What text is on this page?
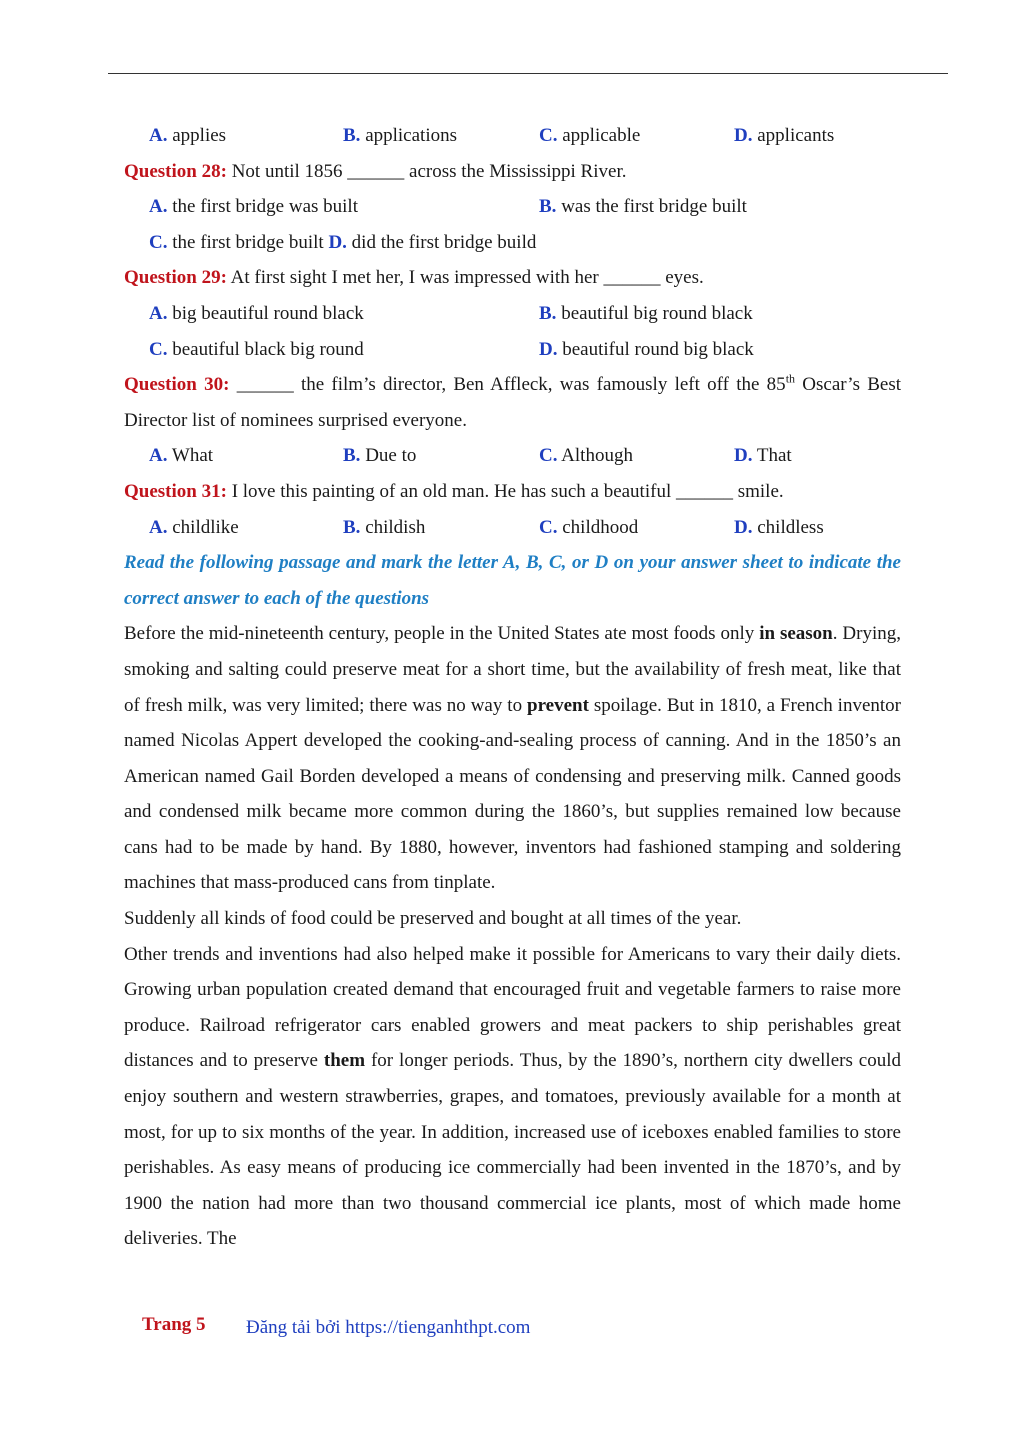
A. applies	B. applications	C. applicable	D. applicants
Question 28: Not until 1856 ______ across the Mississippi River.
A. the first bridge was built	B. was the first bridge built
C. the first bridge built D. did the first bridge build
Question 29: At first sight I met her, I was impressed with her ______ eyes.
A. big beautiful round black	B. beautiful big round black
C. beautiful black big round	D. beautiful round big black

Question 30: ______ the film’s director, Ben Affleck, was famously left off the 85th Oscar’s Best Director list of nominees surprised everyone.

A. What	B. Due to	C. Although	D. That
Question 31: I love this painting of an old man. He has such a beautiful ______ smile.
A. childlike	B. childish	C. childhood	D. childless

Read the following passage and mark the letter A, B, C, or D on your answer sheet to indicate the correct answer to each of the questions

Before the mid-nineteenth century, people in the United States ate most foods only in season. Drying, smoking and salting could preserve meat for a short time, but the availability of fresh meat, like that of fresh milk, was very limited; there was no way to prevent spoilage. But in 1810, a French inventor named Nicolas Appert developed the cooking-and-sealing process of canning. And in the 1850’s an American named Gail Borden developed a means of condensing and preserving milk. Canned goods and condensed milk became more common during the 1860’s, but supplies remained low because cans had to be made by hand. By 1880, however, inventors had fashioned stamping and soldering machines that mass-produced cans from tinplate.

Suddenly all kinds of food could be preserved and bought at all times of the year.

Other trends and inventions had also helped make it possible for Americans to vary their daily diets. Growing urban population created demand that encouraged fruit and vegetable farmers to raise more produce. Railroad refrigerator cars enabled growers and meat packers to ship perishables great distances and to preserve them for longer periods. Thus, by the 1890’s, northern city dwellers could enjoy southern and western strawberries, grapes, and tomatoes, previously available for a month at most, for up to six months of the year. In addition, increased use of iceboxes enabled families to store perishables. As easy means of producing ice commercially had been invented in the 1870’s, and by 1900 the nation had more than two thousand commercial ice plants, most of which made home deliveries. The

Trang 5 Đăng tải bởi https://tienganhthpt.com
